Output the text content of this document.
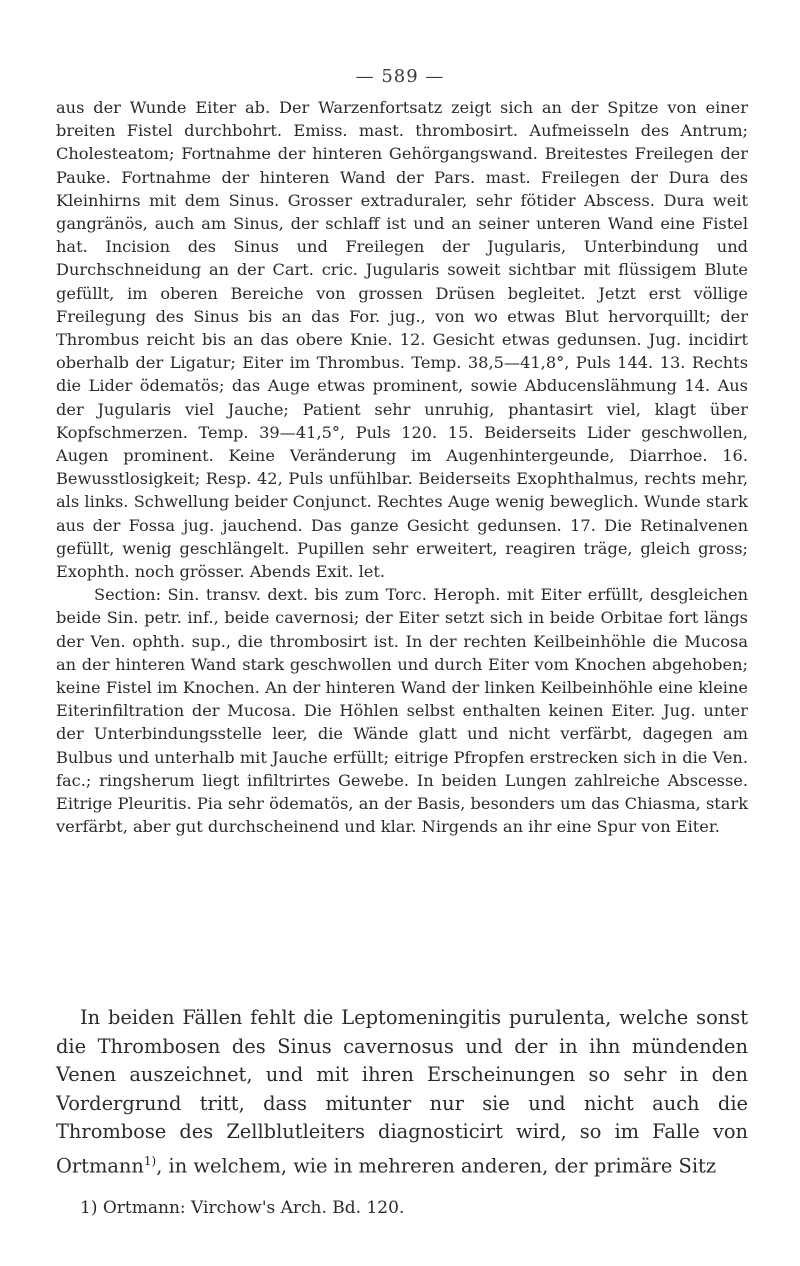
— 589 —

aus der Wunde Eiter ab. Der Warzenfortsatz zeigt sich an der Spitze von einer breiten Fistel durchbohrt. Emiss. mast. thrombosirt. Aufmeisseln des Antrum; Cholesteatom; Fortnahme der hinteren Gehörgangswand. Breitestes Freilegen der Pauke. Fortnahme der hinteren Wand der Pars. mast. Freilegen der Dura des Kleinhirns mit dem Sinus. Grosser extraduraler, sehr fötider Abscess. Dura weit gangränös, auch am Sinus, der schlaff ist und an seiner unteren Wand eine Fistel hat. Incision des Sinus und Freilegen der Jugularis, Unterbindung und Durchschneidung an der Cart. cric. Jugularis soweit sichtbar mit flüssigem Blute gefüllt, im oberen Bereiche von grossen Drüsen begleitet. Jetzt erst völlige Freilegung des Sinus bis an das For. jug., von wo etwas Blut hervorquillt; der Thrombus reicht bis an das obere Knie. 12. Gesicht etwas gedunsen. Jug. incidirt oberhalb der Ligatur; Eiter im Thrombus. Temp. 38,5—41,8°, Puls 144. 13. Rechts die Lider ödematös; das Auge etwas prominent, sowie Abducenslähmung 14. Aus der Jugularis viel Jauche; Patient sehr unruhig, phantasirt viel, klagt über Kopfschmerzen. Temp. 39—41,5°, Puls 120. 15. Beiderseits Lider geschwollen, Augen prominent. Keine Veränderung im Augenhintergeunde, Diarrhoe. 16. Bewusstlosigkeit; Resp. 42, Puls unfühlbar. Beiderseits Exophthalmus, rechts mehr, als links. Schwellung beider Conjunct. Rechtes Auge wenig beweglich. Wunde stark aus der Fossa jug. jauchend. Das ganze Gesicht gedunsen. 17. Die Retinalvenen gefüllt, wenig geschlängelt. Pupillen sehr erweitert, reagiren träge, gleich gross; Exophth. noch grösser. Abends Exit. let.

Section: Sin. transv. dext. bis zum Torc. Heroph. mit Eiter erfüllt, desgleichen beide Sin. petr. inf., beide cavernosi; der Eiter setzt sich in beide Orbitae fort längs der Ven. ophth. sup., die thrombosirt ist. In der rechten Keilbeinhöhle die Mucosa an der hinteren Wand stark geschwollen und durch Eiter vom Knochen abgehoben; keine Fistel im Knochen. An der hinteren Wand der linken Keilbeinhöhle eine kleine Eiterinfiltration der Mucosa. Die Höhlen selbst enthalten keinen Eiter. Jug. unter der Unterbindungsstelle leer, die Wände glatt und nicht verfärbt, dagegen am Bulbus und unterhalb mit Jauche erfüllt; eitrige Pfropfen erstrecken sich in die Ven. fac.; ringsherum liegt infiltrirtes Gewebe. In beiden Lungen zahlreiche Abscesse. Eitrige Pleuritis. Pia sehr ödematös, an der Basis, besonders um das Chiasma, stark verfärbt, aber gut durchscheinend und klar. Nirgends an ihr eine Spur von Eiter.

In beiden Fällen fehlt die Leptomeningitis purulenta, welche sonst die Thrombosen des Sinus cavernosus und der in ihn mündenden Venen auszeichnet, und mit ihren Erscheinungen so sehr in den Vordergrund tritt, dass mitunter nur sie und nicht auch die Thrombose des Zellblutleiters diagnosticirt wird, so im Falle von Ortmann$^{1)}$, in welchem, wie in mehreren anderen, der primäre Sitz

1) Ortmann: Virchow's Arch. Bd. 120.
